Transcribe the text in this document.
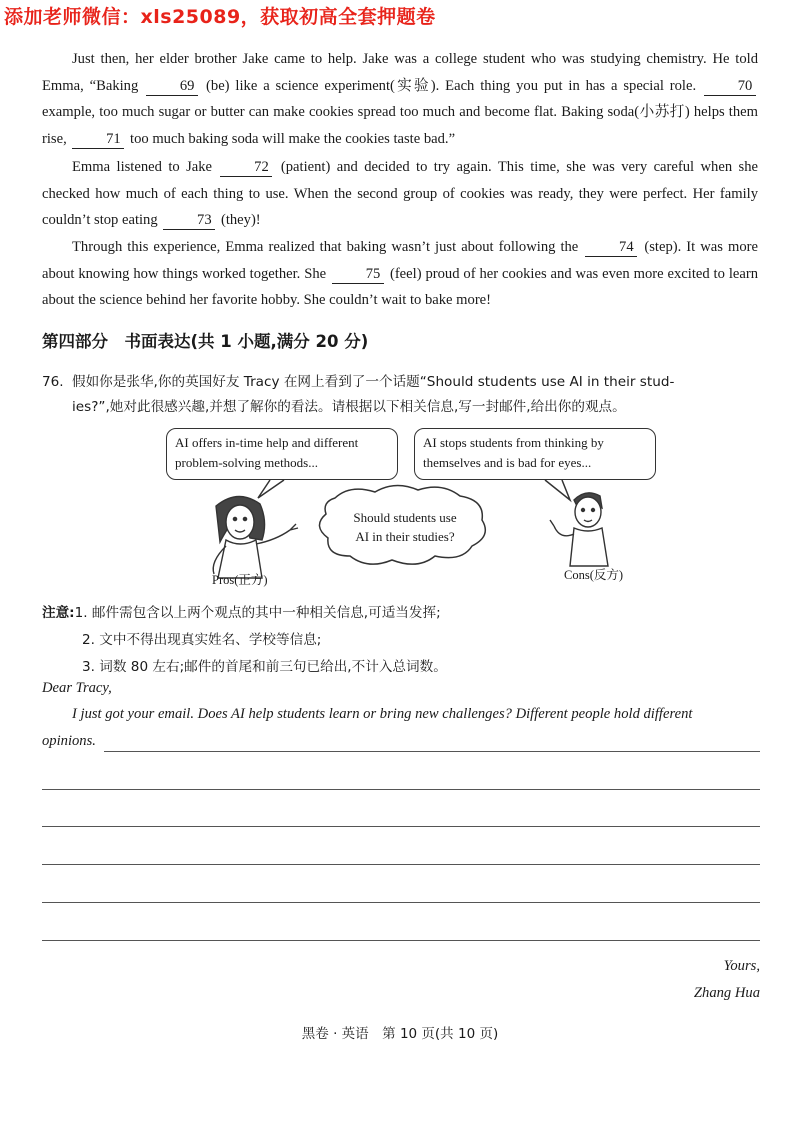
添加老师微信：xls25089，获取初高全套押题卷
Just then, her elder brother Jake came to help. Jake was a college student who was studying chemistry. He told Emma, “Baking 69 (be) like a science experiment(实验). Each thing you put in has a special role. 70 example, too much sugar or butter can make cookies spread too much and become flat. Baking soda(小苏打) helps them rise, 71 too much baking soda will make the cookies taste bad.”
Emma listened to Jake 72 (patient) and decided to try again. This time, she was very careful when she checked how much of each thing to use. When the second group of cookies was ready, they were perfect. Her family couldn’t stop eating 73 (they)!
Through this experience, Emma realized that baking wasn’t just about following the 74 (step). It was more about knowing how things worked together. She 75 (feel) proud of her cookies and was even more excited to learn about the science behind her favorite hobby. She couldn’t wait to bake more!
第四部分　书面表达(共 1 小题,满分 20 分)
76. 假如你是张华,你的英国好友 Tracy 在网上看到了一个话题“Should students use AI in their stud-
ies?”,她对此很感兴趣,并想了解你的看法。请根据以下相关信息,写一封邮件,给出你的观点。
AI offers in-time help and different
problem-solving methods...
AI stops students from thinking by
themselves and is bad for eyes...
Pros(正方)	Cons(反方)
Should students use
AI in their studies?
注意:1. 邮件需包含以上两个观点的其中一种相关信息,可适当发挥;
2. 文中不得出现真实姓名、学校等信息;
3. 词数 80 左右;邮件的首尾和前三句已给出,不计入总词数。
Dear Tracy,
I just got your email. Does AI help students learn or bring new challenges? Different people hold different
opinions.
Yours,
Zhang Hua
黑卷 · 英语　第 10 页(共 10 页)
